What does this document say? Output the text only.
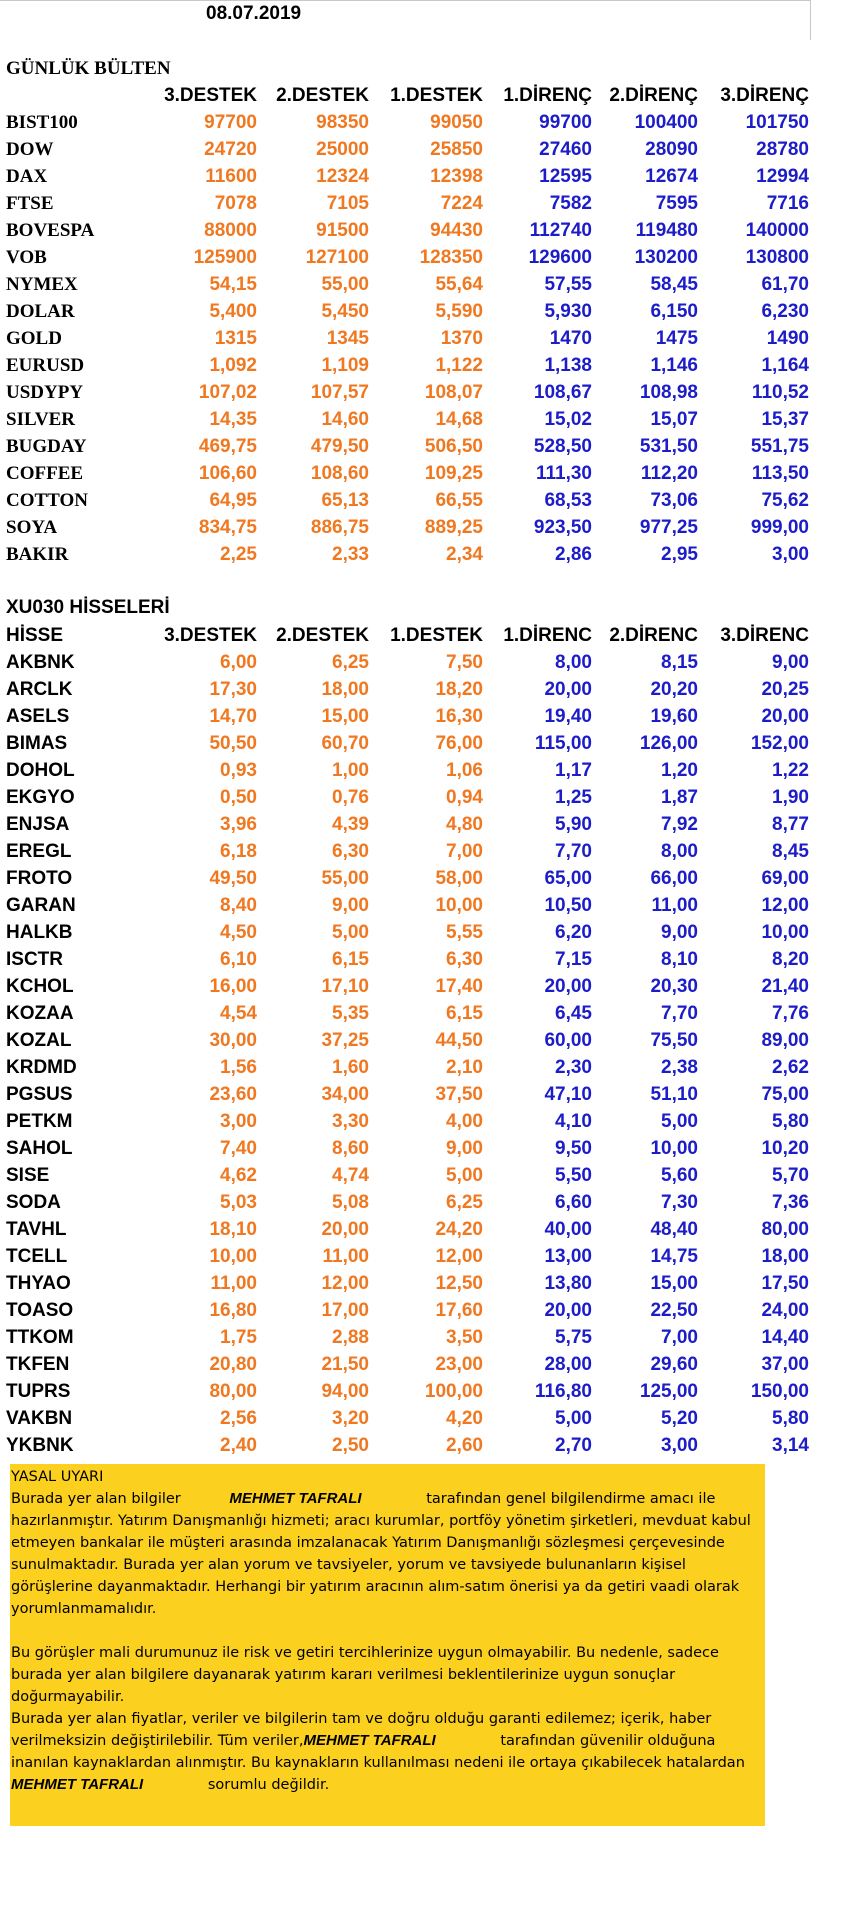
08.07.2019
GÜNLÜK BÜLTEN
3.DESTEK 2.DESTEK 1.DESTEK 1.DİRENÇ 2.DİRENÇ 3.DİRENÇ
BIST100	97700	98350	99050	99700 100400	101750
DOW	24720	25000	25850	27460	28090	28780
DAX	11600	12324	12398	12595	12674	12994
FTSE	7078	7105	7224	7582	7595	7716
BOVESPA	88000	91500	94430 112740 119480	140000
VOB	125900	127100	128350 129600 130200	130800
NYMEX	54,15	55,00	55,64	57,55	58,45	61,70
DOLAR	5,400	5,450	5,590	5,930	6,150	6,230
GOLD	1315	1345	1370	1470	1475	1490
EURUSD	1,092	1,109	1,122	1,138	1,146	1,164
USDYPY	107,02	107,57	108,07	108,67	108,98	110,52
SILVER	14,35	14,60	14,68	15,02	15,07	15,37
BUGDAY	469,75	479,50	506,50	528,50	531,50	551,75
COFFEE	106,60	108,60	109,25	111,30	112,20	113,50
COTTON	64,95	65,13	66,55	68,53	73,06	75,62
SOYA	834,75	886,75	889,25	923,50	977,25	999,00
BAKIR	2,25	2,33	2,34	2,86	2,95	3,00
XU030 HİSSELERİ
HİSSE	3.DESTEK 2.DESTEK 1.DESTEK 1.DİRENC 2.DİRENC 3.DİRENC
AKBNK	6,00	6,25	7,50	8,00	8,15	9,00
ARCLK	17,30	18,00	18,20	20,00	20,20	20,25
ASELS	14,70	15,00	16,30	19,40	19,60	20,00
BIMAS	50,50	60,70	76,00	115,00	126,00	152,00
DOHOL	0,93	1,00	1,06	1,17	1,20	1,22
EKGYO	0,50	0,76	0,94	1,25	1,87	1,90
ENJSA	3,96	4,39	4,80	5,90	7,92	8,77
EREGL	6,18	6,30	7,00	7,70	8,00	8,45
FROTO	49,50	55,00	58,00	65,00	66,00	69,00
GARAN	8,40	9,00	10,00	10,50	11,00	12,00
HALKB	4,50	5,00	5,55	6,20	9,00	10,00
ISCTR	6,10	6,15	6,30	7,15	8,10	8,20
KCHOL	16,00	17,10	17,40	20,00	20,30	21,40
KOZAA	4,54	5,35	6,15	6,45	7,70	7,76
KOZAL	30,00	37,25	44,50	60,00	75,50	89,00
KRDMD	1,56	1,60	2,10	2,30	2,38	2,62
PGSUS	23,60	34,00	37,50	47,10	51,10	75,00
PETKM	3,00	3,30	4,00	4,10	5,00	5,80
SAHOL	7,40	8,60	9,00	9,50	10,00	10,20
SISE	4,62	4,74	5,00	5,50	5,60	5,70
SODA	5,03	5,08	6,25	6,60	7,30	7,36
TAVHL	18,10	20,00	24,20	40,00	48,40	80,00
TCELL	10,00	11,00	12,00	13,00	14,75	18,00
THYAO	11,00	12,00	12,50	13,80	15,00	17,50
TOASO	16,80	17,00	17,60	20,00	22,50	24,00
TTKOM	1,75	2,88	3,50	5,75	7,00	14,40
TKFEN	20,80	21,50	23,00	28,00	29,60	37,00
TUPRS	80,00	94,00	100,00	116,80	125,00	150,00
VAKBN	2,56	3,20	4,20	5,00	5,20	5,80
YKBNK	2,40	2,50	2,60	2,70	3,00	3,14

YASAL UYARI

Burada yer alan bilgiler	MEHMET TAFRALI	tarafından genel bilgilendirme amacı ile hazırlanmıştır. Yatırım Danışmanlığı hizmeti; aracı kurumlar, portföy yönetim şirketleri, mevduat kabul etmeyen bankalar ile müşteri arasında imzalanacak Yatırım Danışmanlığı sözleşmesi çerçevesinde sunulmaktadır. Burada yer alan yorum ve tavsiyeler, yorum ve tavsiyede bulunanların kişisel görüşlerine dayanmaktadır. Herhangi bir yatırım aracının alım-satım önerisi ya da getiri vaadi olarak yorumlanmamalıdır.

Bu görüşler mali durumunuz ile risk ve getiri tercihlerinize uygun olmayabilir. Bu nedenle, sadece burada yer alan bilgilere dayanarak yatırım kararı verilmesi beklentilerinize uygun sonuçlar doğurmayabilir.

Burada yer alan fiyatlar, veriler ve bilgilerin tam ve doğru olduğu garanti edilemez; içerik, haber verilmeksizin değiştirilebilir. Tüm veriler,MEHMET TAFRALI	tarafından güvenilir olduğuna inanılan kaynaklardan alınmıştır. Bu kaynakların kullanılması nedeni ile ortaya çıkabilecek hatalardan
MEHMET TAFRALI	sorumlu değildir.
